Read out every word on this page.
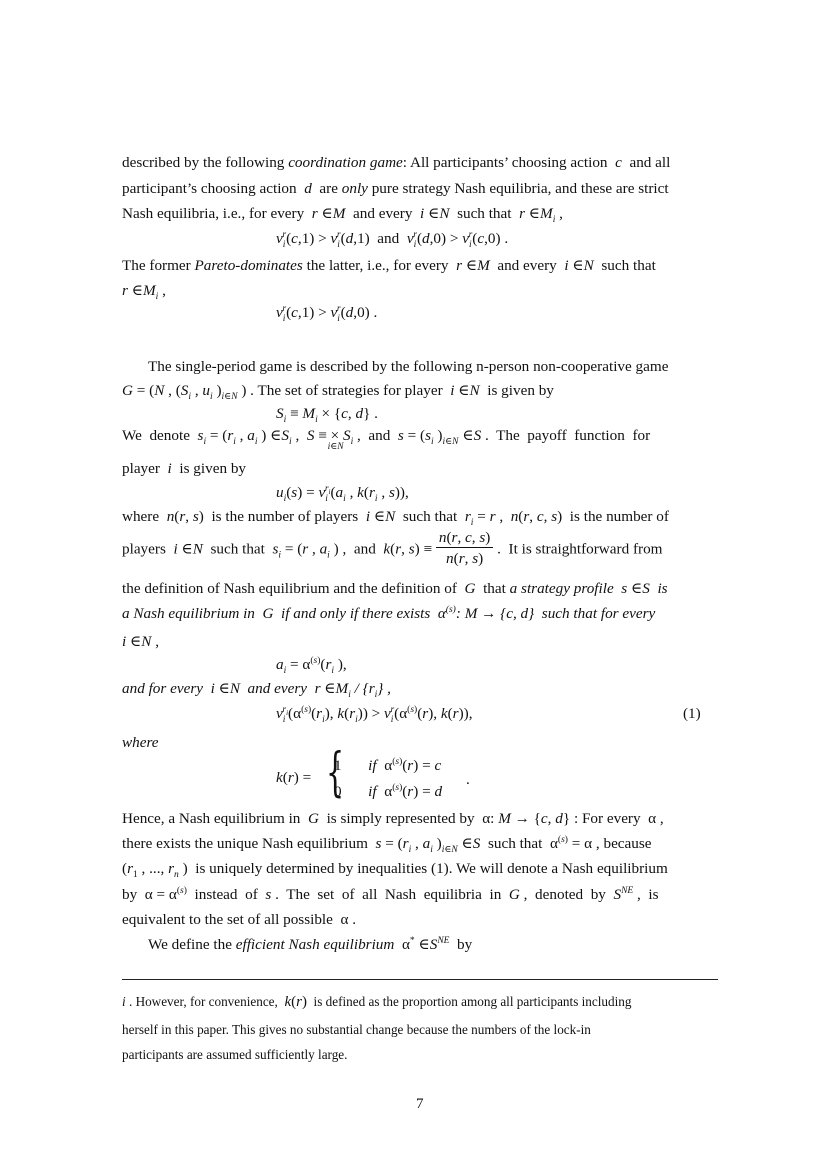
described by the following coordination game: All participants’ choosing action  c  and all
participant’s choosing action  d  are only pure strategy Nash equilibria, and these are strict
Nash equilibria, i.e., for every  r ∈M  and every  i ∈N  such that  r $\in M_i$ ,
$v_i^r(c,1) > v_i^r(d,1)$  and  $v_i^r(d,0) > v_i^r(c,0)$ .
The former Pareto-dominates the latter, i.e., for every  r ∈M  and every  i ∈N  such that
r $\in M_i$ ,
$v_i^r(c,1) > v_i^r(d,0)$ .
The single-period game is described by the following n-person non-cooperative game
G = (N , ($S_i$ , $u_i$ )$_{i\in N}$ ) . The set of strategies for player  i ∈N  is given by
$S_i \equiv M_i \times \{c$, d} .
We  denote  $s_i = (r_i$ , $a_i$ ) $\in S_i$ ,  S ≡ ×
i∈N
$S_i$ ,  and  $s = (s_i$ )$_{i\in N}$ ∈S .  The  payoff  function  for
player  i  is given by
$u_i(s) = v_i^{r_i}(a_i$ , $k(r_i$ , s)),
where  n(r, s)  is the number of players  i ∈N  such that  $r_i = r$ ,  n(r, c, s)  is the number of
players  i ∈N  such that  $s_i = (r$ , $a_i$ ) ,  and  k(r, $s) \equiv \frac{n(r, c, s)}{n(r, s)}$ .  It is straightforward from
the definition of Nash equilibrium and the definition of  G  that a strategy profile  s ∈S is
a Nash equilibrium in  G  if and only if there exists  $\alpha^{(s)}$: M → {c, d}  such that for every
i ∈N ,
$a_i = \alpha^{(s)}(r_i$ ),
and for every  i ∈N  and every  r $\in M_i / \{r_i\}$ ,
$v_i^{r_i}(\alpha^{(s)}(r_i)$, $k(r_i)) > v_i^r(\alpha^{(s)}(r)$, k(r)),	(1)
where
k(r) = {
1       if  $\alpha^{(s)}(r) = c$
0       if  $\alpha^{(s)}(r) = d$
.
Hence, a Nash equilibrium in  G  is simply represented by  α: M → {c, d} : For every  α ,
there exists the unique Nash equilibrium  $s = (r_i$ , $a_i$ )$_{i\in N}$ ∈S  such that  $\alpha^{(s)} = \alpha$ , because
($r_1$ , ..., $r_n$ )  is uniquely determined by inequalities (1). We will denote a Nash equilibrium
by  $\alpha = \alpha^{(s)}$  instead  of  s .  The  set  of  all  Nash  equilibria  in  G ,  denoted  by  $S^{NE}$ ,  is
equivalent to the set of all possible  α .
We define the efficient Nash equilibrium  α* $\in S^{NE}$  by
i . However, for convenience,  k(r)  is defined as the proportion among all participants including
herself in this paper. This gives no substantial change because the numbers of the lock-in
participants are assumed sufficiently large.
7
